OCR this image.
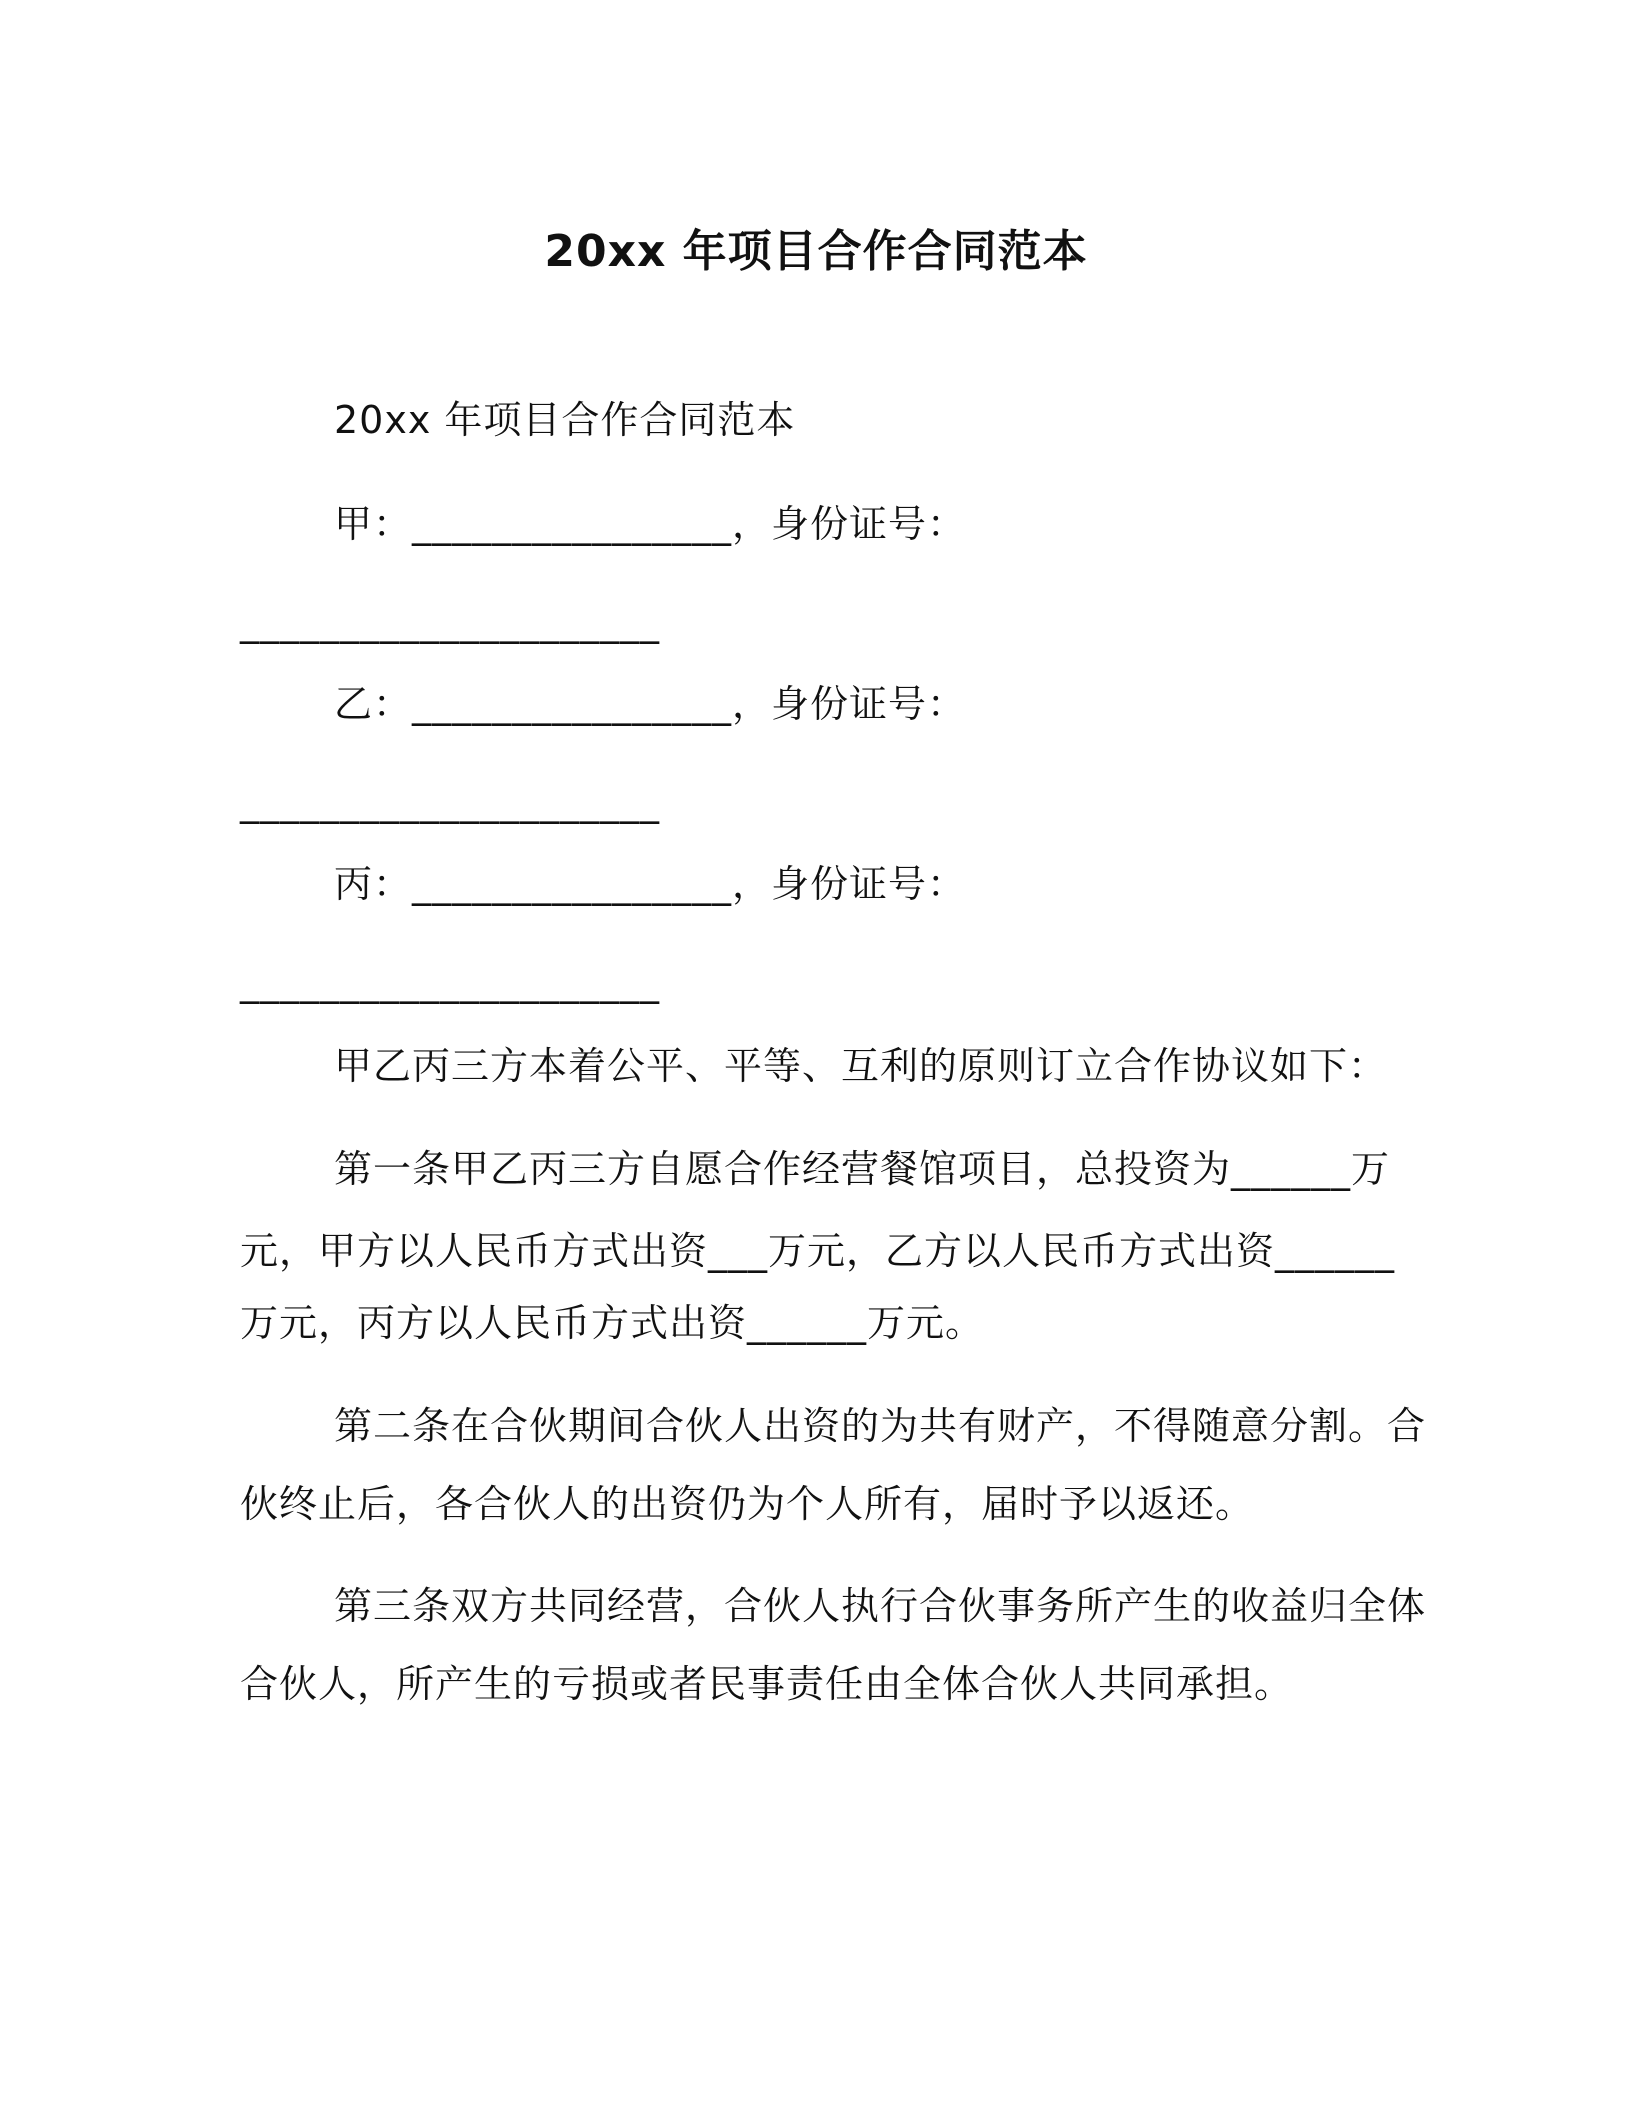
20xx 年项目合作合同范本
20xx 年项目合作合同范本
甲：________________，身份证号：
_____________________
乙：________________，身份证号：
_____________________
丙：________________，身份证号：
_____________________
甲乙丙三方本着公平、平等、互利的原则订立合作协议如下：
第一条甲乙丙三方自愿合作经营餐馆项目，总投资为______万
元，甲方以人民币方式出资___万元，乙方以人民币方式出资______
万元，丙方以人民币方式出资______万元。
第二条在合伙期间合伙人出资的为共有财产，不得随意分割。合
伙终止后，各合伙人的出资仍为个人所有，届时予以返还。
第三条双方共同经营，合伙人执行合伙事务所产生的收益归全体
合伙人，所产生的亏损或者民事责任由全体合伙人共同承担。
